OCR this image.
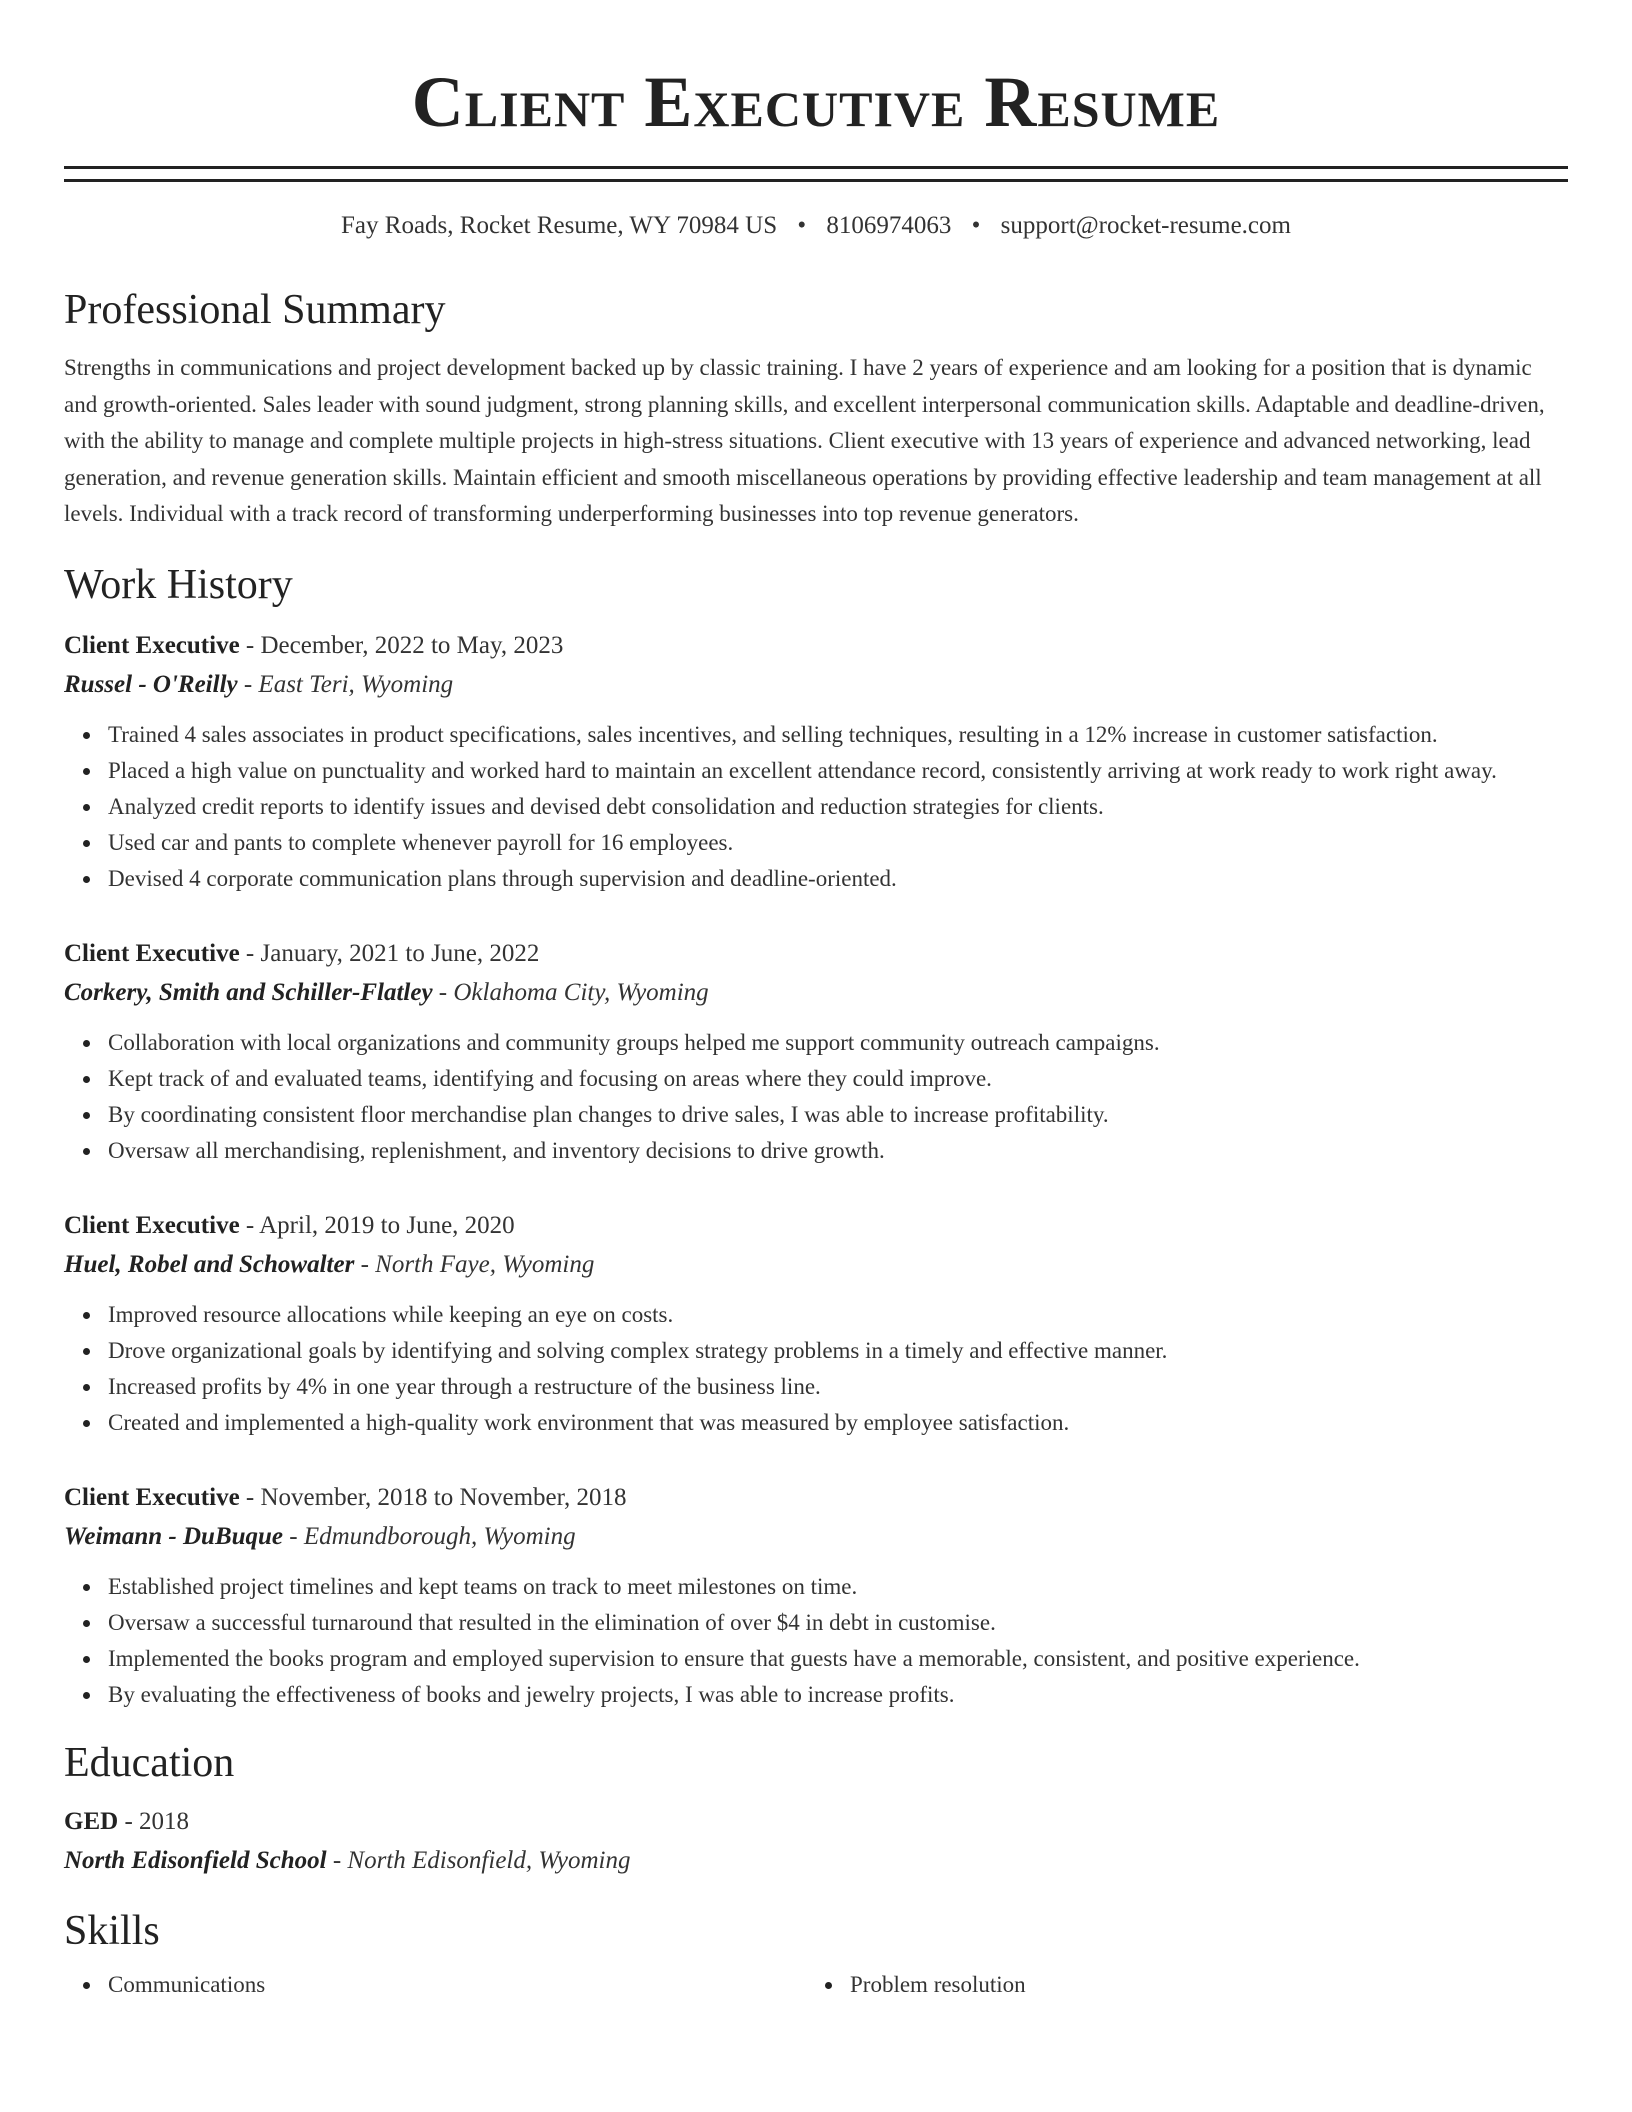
Client Executive Resume
Fay Roads, Rocket Resume, WY 70984 US • 8106974063 • support@rocket-resume.com
Professional Summary

Strengths in communications and project development backed up by classic training. I have 2 years of experience and am looking for a position that is dynamic and growth-oriented. Sales leader with sound judgment, strong planning skills, and excellent interpersonal communication skills. Adaptable and deadline-driven, with the ability to manage and complete multiple projects in high-stress situations. Client executive with 13 years of experience and advanced networking, lead generation, and revenue generation skills. Maintain efficient and smooth miscellaneous operations by providing effective leadership and team management at all levels. Individual with a track record of transforming underperforming businesses into top revenue generators.

Work History
Client Executive - December, 2022 to May, 2023
Russel - O'Reilly - East Teri, Wyoming
Trained 4 sales associates in product specifications, sales incentives, and selling techniques, resulting in a 12% increase in customer satisfaction.
Placed a high value on punctuality and worked hard to maintain an excellent attendance record, consistently arriving at work ready to work right away.
Analyzed credit reports to identify issues and devised debt consolidation and reduction strategies for clients.
Used car and pants to complete whenever payroll for 16 employees.
Devised 4 corporate communication plans through supervision and deadline-oriented.
Client Executive - January, 2021 to June, 2022
Corkery, Smith and Schiller-Flatley - Oklahoma City, Wyoming
Collaboration with local organizations and community groups helped me support community outreach campaigns.
Kept track of and evaluated teams, identifying and focusing on areas where they could improve.
By coordinating consistent floor merchandise plan changes to drive sales, I was able to increase profitability.
Oversaw all merchandising, replenishment, and inventory decisions to drive growth.
Client Executive - April, 2019 to June, 2020
Huel, Robel and Schowalter - North Faye, Wyoming
Improved resource allocations while keeping an eye on costs.
Drove organizational goals by identifying and solving complex strategy problems in a timely and effective manner.
Increased profits by 4% in one year through a restructure of the business line.
Created and implemented a high-quality work environment that was measured by employee satisfaction.
Client Executive - November, 2018 to November, 2018
Weimann - DuBuque - Edmundborough, Wyoming
Established project timelines and kept teams on track to meet milestones on time.
Oversaw a successful turnaround that resulted in the elimination of over $4 in debt in customise.
Implemented the books program and employed supervision to ensure that guests have a memorable, consistent, and positive experience.
By evaluating the effectiveness of books and jewelry projects, I was able to increase profits.
Education
GED - 2018
North Edisonfield School - North Edisonfield, Wyoming
Skills
Communications	Problem resolution
